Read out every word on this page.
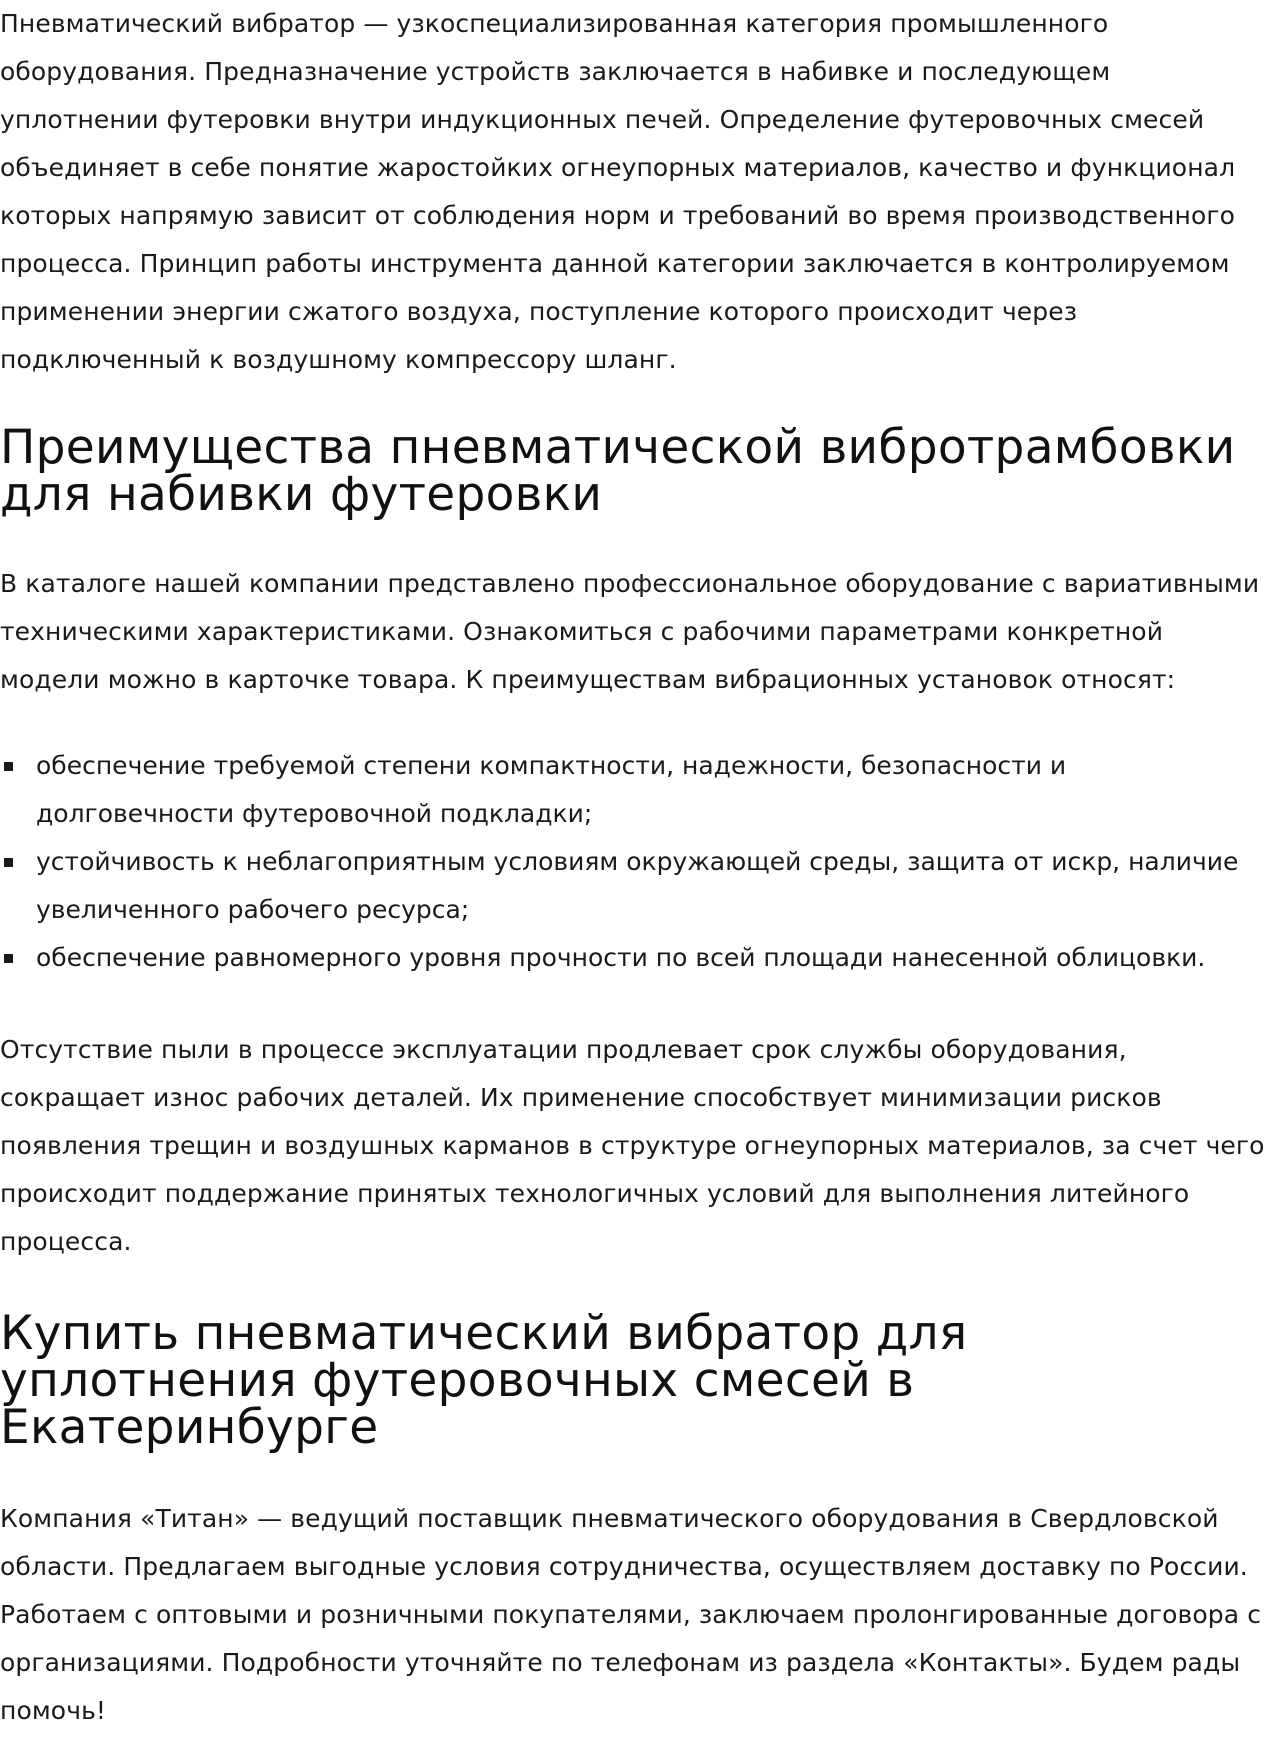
Пневматический вибратор — узкоспециализированная категория промышленного оборудования. Предназначение устройств заключается в набивке и последующем уплотнении футеровки внутри индукционных печей. Определение футеровочных смесей объединяет в себе понятие жаростойких огнеупорных материалов, качество и функционал которых напрямую зависит от соблюдения норм и требований во время производственного процесса. Принцип работы инструмента данной категории заключается в контролируемом применении энергии сжатого воздуха, поступление которого происходит через подключенный к воздушному компрессору шланг.

Преимущества пневматической вибротрамбовки для набивки футеровки

В каталоге нашей компании представлено профессиональное оборудование с вариативными техническими характеристиками. Ознакомиться с рабочими параметрами конкретной модели можно в карточке товара. К преимуществам вибрационных установок относят:

обеспечение требуемой степени компактности, надежности, безопасности и долговечности футеровочной подкладки;
устойчивость к неблагоприятным условиям окружающей среды, защита от искр, наличие увеличенного рабочего ресурса;
обеспечение равномерного уровня прочности по всей площади нанесенной облицовки.

Отсутствие пыли в процессе эксплуатации продлевает срок службы оборудования, сокращает износ рабочих деталей. Их применение способствует минимизации рисков появления трещин и воздушных карманов в структуре огнеупорных материалов, за счет чего происходит поддержание принятых технологичных условий для выполнения литейного процесса.

Купить пневматический вибратор для уплотнения футеровочных смесей в Екатеринбурге

Компания «Титан» — ведущий поставщик пневматического оборудования в Свердловской области. Предлагаем выгодные условия сотрудничества, осуществляем доставку по России. Работаем с оптовыми и розничными покупателями, заключаем пролонгированные договора с организациями. Подробности уточняйте по телефонам из раздела «Контакты». Будем рады помочь!
